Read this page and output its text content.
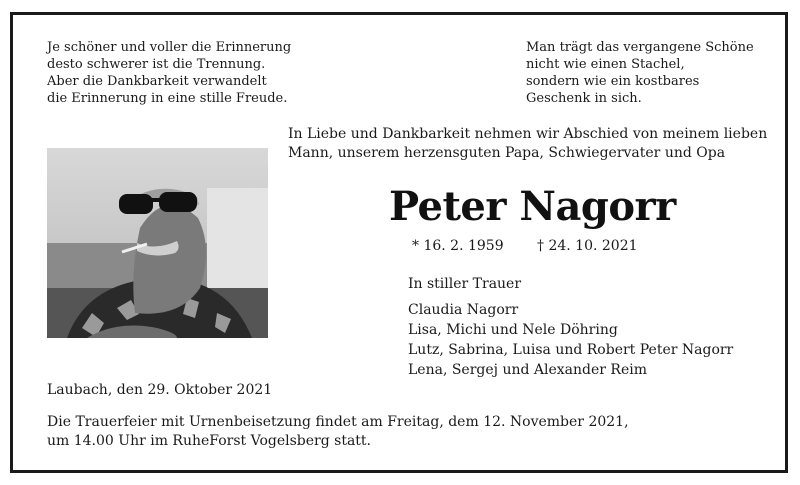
Je schöner und voller die Erinnerung
desto schwerer ist die Trennung.
Aber die Dankbarkeit verwandelt
die Erinnerung in eine stille Freude.
Man trägt das vergangene Schöne
nicht wie einen Stachel,
sondern wie ein kostbares
Geschenk in sich.
In Liebe und Dankbarkeit nehmen wir Abschied von meinem lieben
Mann, unserem herzensguten Papa, Schwiegervater und Opa
Peter Nagorr
* 16. 2. 1959 † 24. 10. 2021
In stiller Trauer
Claudia Nagorr
Lisa, Michi und Nele Döhring
Lutz, Sabrina, Luisa und Robert Peter Nagorr
Lena, Sergej und Alexander Reim
Laubach, den 29. Oktober 2021
Die Trauerfeier mit Urnenbeisetzung findet am Freitag, dem 12. November 2021,
um 14.00 Uhr im RuheForst Vogelsberg statt.
